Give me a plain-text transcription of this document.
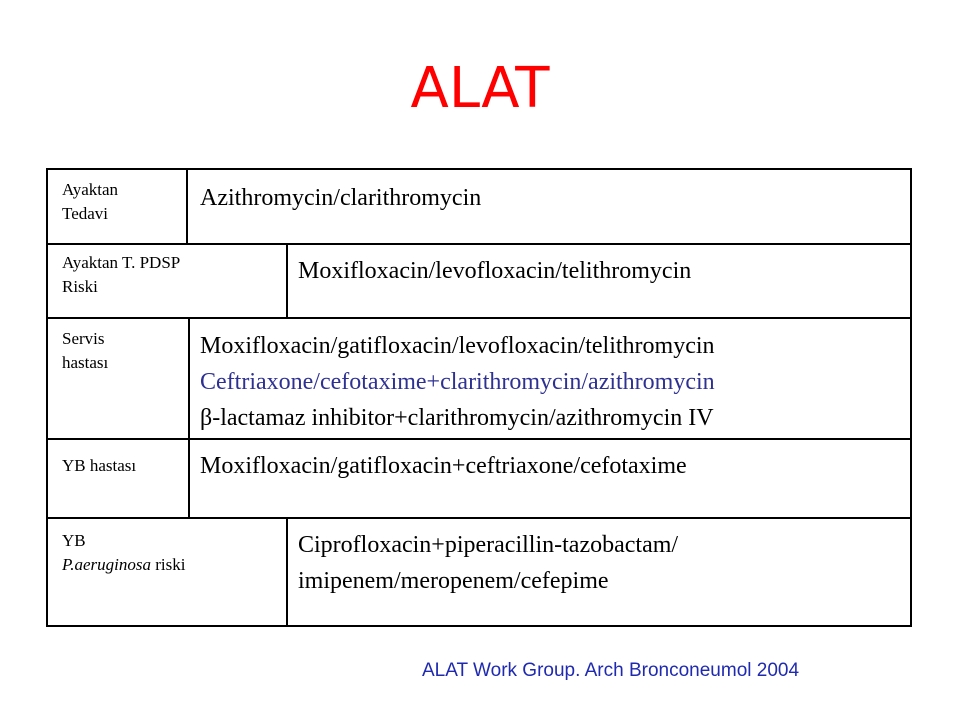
ALAT
Ayaktan
Tedavi
Azithromycin/clarithromycin
Ayaktan T. PDSP
Riski
Moxifloxacin/levofloxacin/telithromycin
Servis
hastası
Moxifloxacin/gatifloxacin/levofloxacin/telithromycin
Ceftriaxone/cefotaxime+clarithromycin/azithromycin
β-lactamaz inhibitor+clarithromycin/azithromycin IV
YB hastası	Moxifloxacin/gatifloxacin+ceftriaxone/cefotaxime
YB
P.aeruginosa riski
Ciprofloxacin+piperacillin-tazobactam/
imipenem/meropenem/cefepime
ALAT Work Group. Arch Bronconeumol 2004
